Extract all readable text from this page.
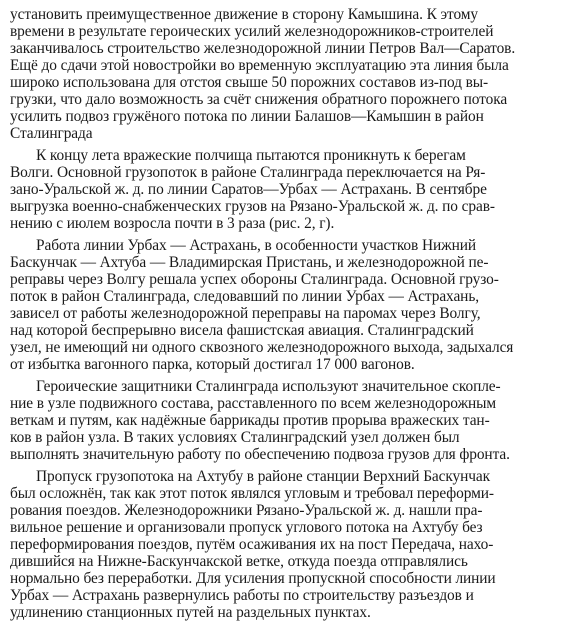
установить преимущественное движение в сторону Камышина. К этому
времени в результате героических усилий железнодорожников-строителей
заканчивалось строительство железнодорожной линии Петров Вал—Саратов.
Ещё до сдачи этой новостройки во временную эксплуатацию эта линия была
широко использована для отстоя свыше 50 порожних составов из-под вы-
грузки, что дало возможность за счёт снижения обратного порожнего потока
усилить подвоз гружёного потока по линии Балашов—Камышин в район
Сталинграда
К концу лета вражеские полчища пытаются проникнуть к берегам
Волги. Основной грузопоток в районе Сталинграда переключается на Ря-
зано-Уральской ж. д. по линии Саратов—Урбах — Астрахань. В сентябре
выгрузка военно-снабженческих грузов на Рязано-Уральской ж. д. по срав-
нению с июлем возросла почти в 3 раза (рис. 2, г).
Работа линии Урбах — Астрахань, в особенности участков Нижний
Баскунчак — Ахтуба — Владимирская Пристань, и железнодорожной пе-
реправы через Волгу решала успех обороны Сталинграда. Основной грузо-
поток в район Сталинграда, следовавший по линии Урбах — Астрахань,
зависел от работы железнодорожной переправы на паромах через Волгу,
над которой беспрерывно висела фашистская авиация. Сталинградский
узел, не имеющий ни одного сквозного железнодорожного выхода, задыхался
от избытка вагонного парка, который достигал 17 000 вагонов.
Героические защитники Сталинграда используют значительное скопле-
ние в узле подвижного состава, расставленного по всем железнодорожным
веткам и путям, как надёжные баррикады против прорыва вражеских тан-
ков в район узла. В таких условиях Сталинградский узел должен был
выполнять значительную работу по обеспечению подвоза грузов для фронта.
Пропуск грузопотока на Ахтубу в районе станции Верхний Баскунчак
был осложнён, так как этот поток являлся угловым и требовал переформи-
рования поездов. Железнодорожники Рязано-Уральской ж. д. нашли пра-
вильное решение и организовали пропуск углового потока на Ахтубу без
переформирования поездов, путём осаживания их на пост Передача, нахо-
дившийся на Нижне-Баскунчакской ветке, откуда поезда отправлялись
нормально без переработки. Для усиления пропускной способности линии
Урбах — Астрахань развернулись работы по строительству разъездов и
удлинению станционных путей на раздельных пунктах.
